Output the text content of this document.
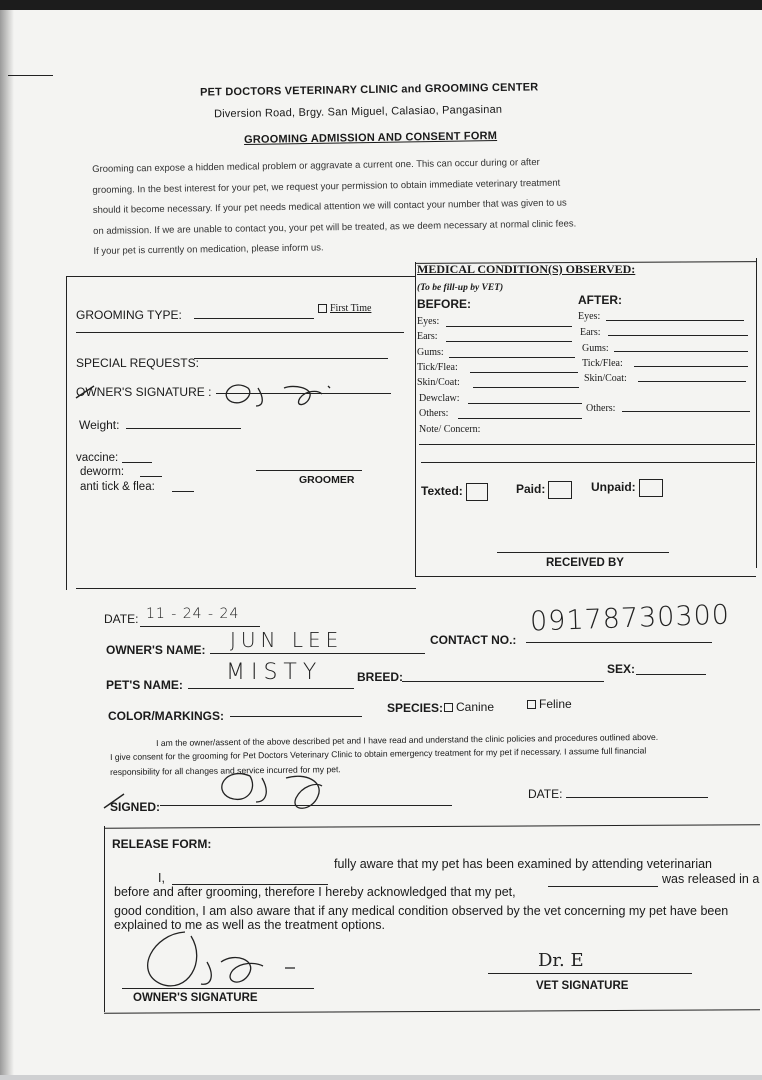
PET DOCTORS VETERINARY CLINIC and GROOMING CENTER
Diversion Road, Brgy. San Miguel, Calasiao, Pangasinan
GROOMING ADMISSION AND CONSENT FORM
Grooming can expose a hidden medical problem or aggravate a current one. This can occur during or after
grooming. In the best interest for your pet, we request your permission to obtain immediate veterinary treatment
should it become necessary. If your pet needs medical attention we will contact your number that was given to us
on admission. If we are unable to contact you, your pet will be treated, as we deem necessary at normal clinic fees.
If your pet is currently on medication, please inform us.
GROOMING TYPE:	First Time
SPECIAL REQUESTS:
OWNER'S SIGNATURE :
Weight:
vaccine:
deworm:
anti tick & flea:
GROOMER
MEDICAL CONDITION(S) OBSERVED:
(To be fill-up by VET)
BEFORE:	AFTER:
Eyes:
Ears:
Gums:
Tick/Flea:
Skin/Coat:
Dewclaw:
Others:
Eyes:
Ears:
Gums:
Tick/Flea:
Skin/Coat:
Others:
Note/ Concern:
Texted:	Paid:	Unpaid:
RECEIVED BY
DATE: 11 - 24 - 24
OWNER'S NAME: JUN LEE	CONTACT NO.:
09178730300
PET'S NAME: MISTY	BREED:
SEX:
COLOR/MARKINGS:
SPECIES:	Canine	Feline
I am the owner/assent of the above described pet and I have read and understand the clinic policies and procedures outlined above.
I give consent for the grooming for Pet Doctors Veterinary Clinic to obtain emergency treatment for my pet if necessary. I assume full financial
responsibility for all changes and service incurred for my pet.
SIGNED:
DATE:
RELEASE FORM:
I,
fully aware that my pet has been examined by attending veterinarian
before and after grooming, therefore I hereby acknowledged that my pet,
was released in a
good condition, I am also aware that if any medical condition observed by the vet concerning my pet have been
explained to me as well as the treatment options.
OWNER'S SIGNATURE
Dr. E
VET SIGNATURE
